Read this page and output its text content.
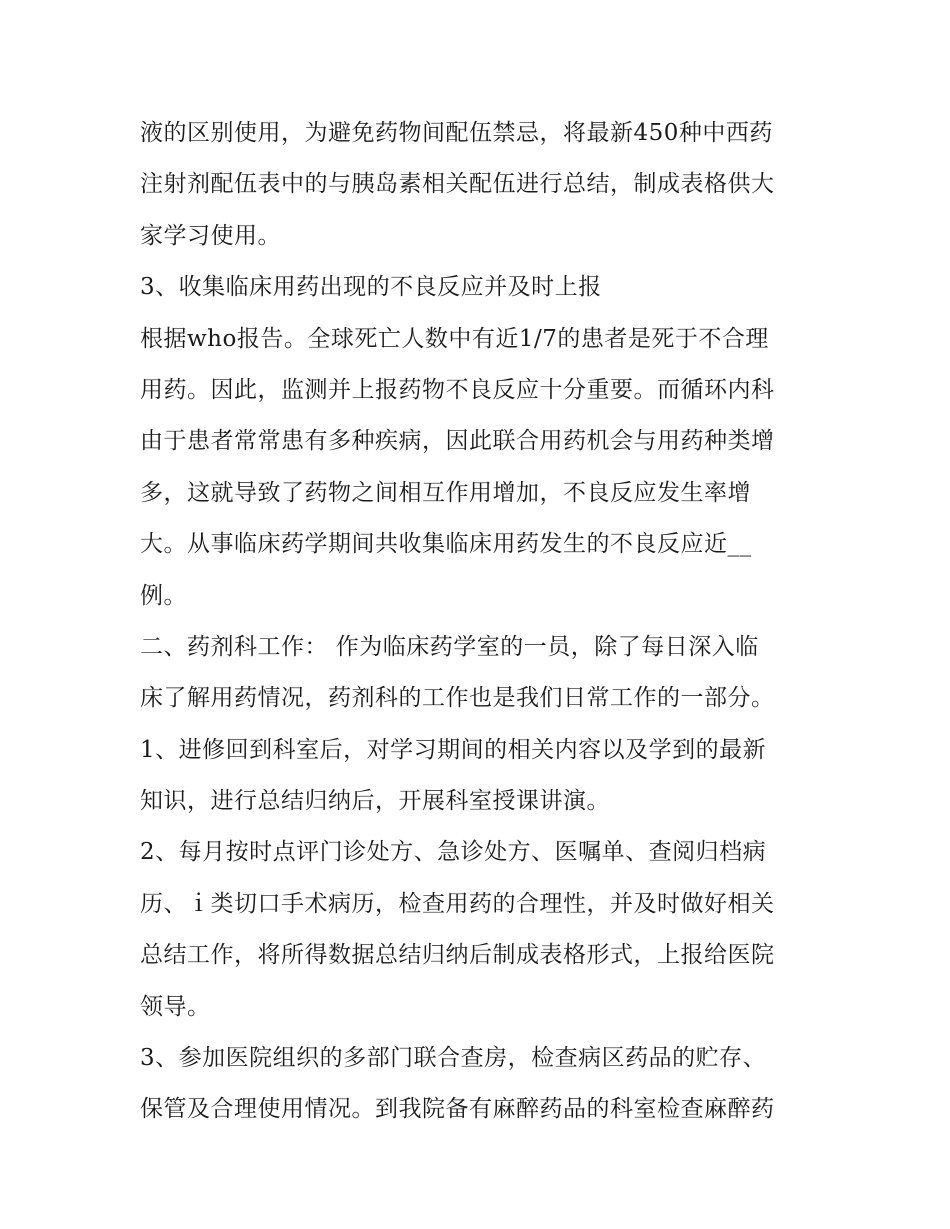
液的区别使用，为避免药物间配伍禁忌，将最新450种中西药
注射剂配伍表中的与胰岛素相关配伍进行总结，制成表格供大
家学习使用。
3、收集临床用药出现的不良反应并及时上报
根据who报告。全球死亡人数中有近1/7的患者是死于不合理
用药。因此，监测并上报药物不良反应十分重要。而循环内科
由于患者常常患有多种疾病，因此联合用药机会与用药种类增
多，这就导致了药物之间相互作用增加，不良反应发生率增
大。从事临床药学期间共收集临床用药发生的不良反应近__
例。
二、药剂科工作： 作为临床药学室的一员，除了每日深入临
床了解用药情况，药剂科的工作也是我们日常工作的一部分。
1、进修回到科室后，对学习期间的相关内容以及学到的最新
知识，进行总结归纳后，开展科室授课讲演。
2、每月按时点评门诊处方、急诊处方、医嘱单、查阅归档病
历、ｉ类切口手术病历，检查用药的合理性，并及时做好相关
总结工作，将所得数据总结归纳后制成表格形式，上报给医院
领导。
3、参加医院组织的多部门联合查房，检查病区药品的贮存、
保管及合理使用情况。到我院备有麻醉药品的科室检查麻醉药
